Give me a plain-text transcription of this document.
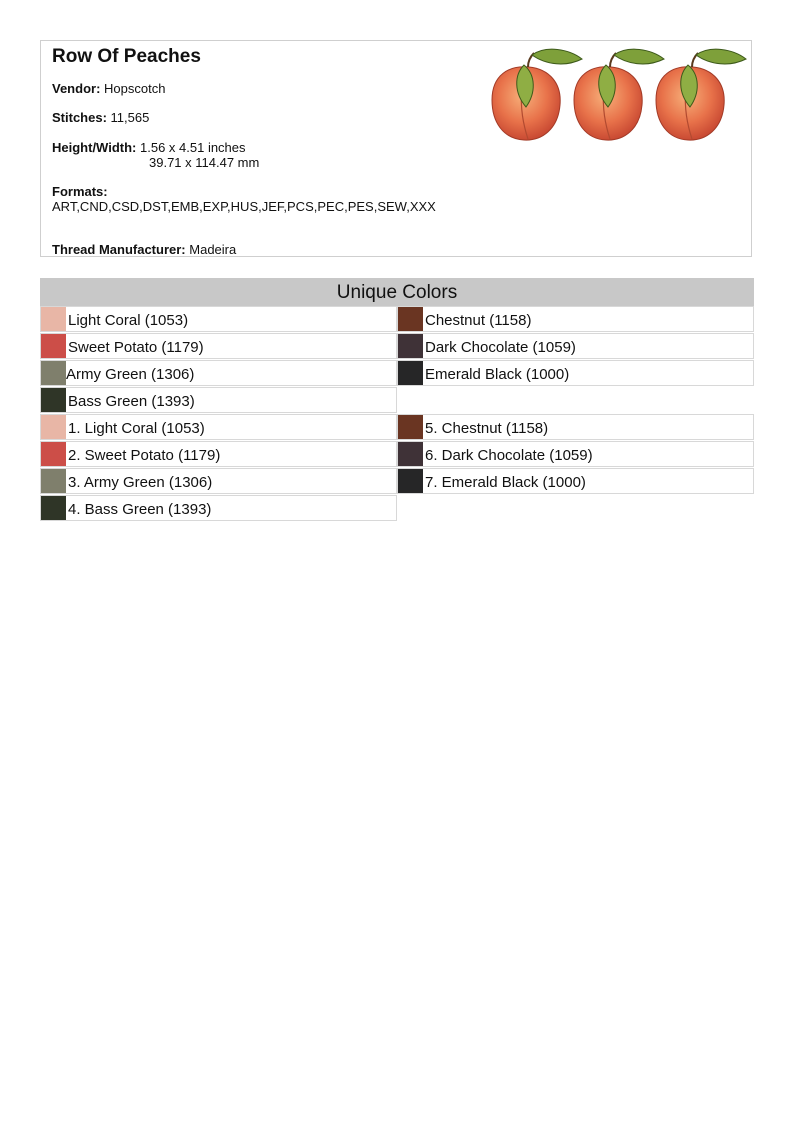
Row Of Peaches
Vendor: Hopscotch
Stitches: 11,565
Height/Width: 1.56 x 4.51 inches
39.71 x 114.47 mm
Formats:
ART,CND,CSD,DST,EMB,EXP,HUS,JEF,PCS,PEC,PES,SEW,XXX
Thread Manufacturer: Madeira
Unique Colors
Light Coral (1053)
Sweet Potato (1179)
Army Green (1306)
Bass Green (1393)
Chestnut (1158)
Dark Chocolate (1059)
Emerald Black (1000)
1. Light Coral (1053)
2. Sweet Potato (1179)
3. Army Green (1306)
4. Bass Green (1393)
5. Chestnut (1158)
6. Dark Chocolate (1059)
7. Emerald Black (1000)
